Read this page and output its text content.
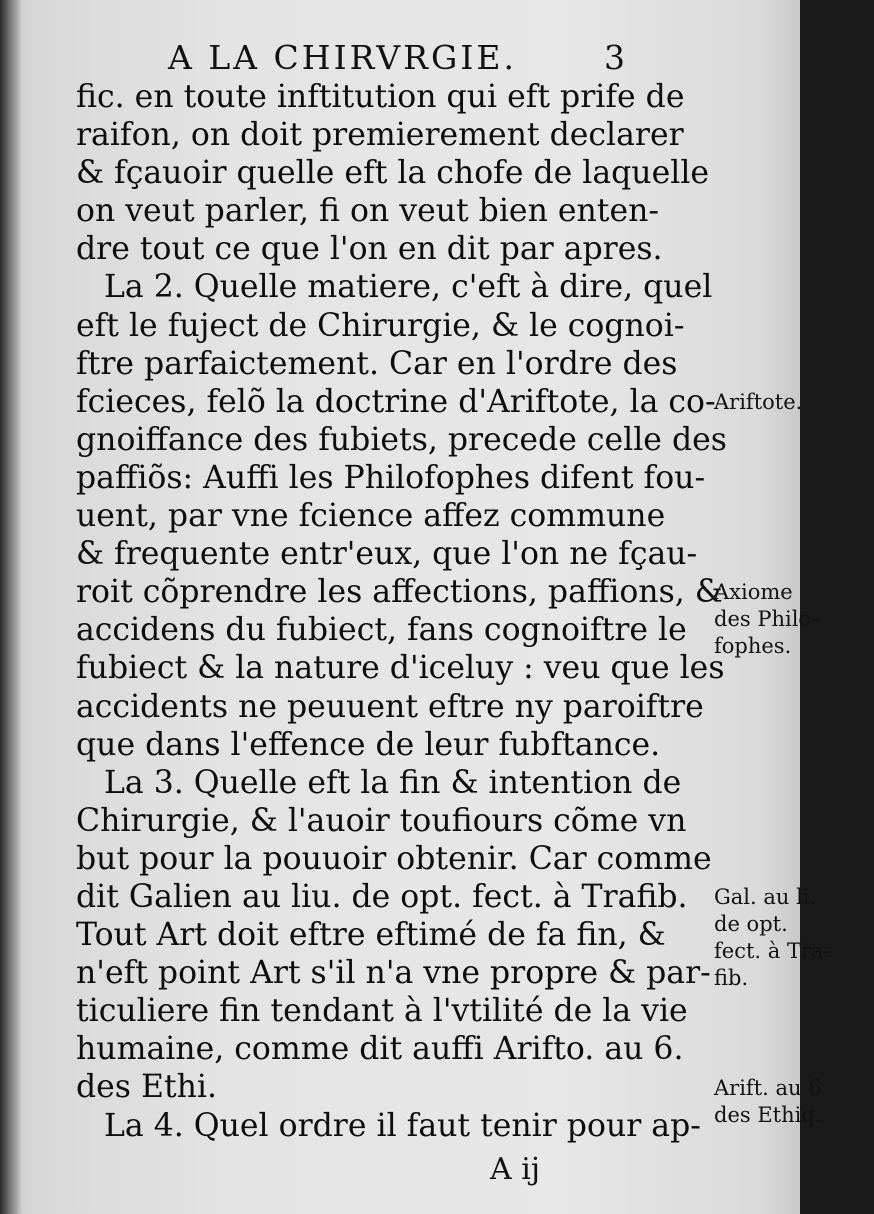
A LA CHIRVRGIE.	3
fic. en toute inftitution qui eft prife de
raifon, on doit premierement declarer
& fçauoir quelle eft la chofe de laquelle
on veut parler, fi on veut bien enten-
dre tout ce que l'on en dit par apres.
La 2. Quelle matiere, c'eft à dire, quel
eft le fuject de Chirurgie, & le cognoi-
ftre parfaictement. Car en l'ordre des
fcieces, felõ la doctrine d'Ariftote, la co-
gnoiffance des fubiets, precede celle des
paffiõs: Auffi les Philofophes difent fou-
uent, par vne fcience affez commune
& frequente entr'eux, que l'on ne fçau-
roit cõprendre les affections, paffions, &
accidens du fubiect, fans cognoiftre le
fubiect & la nature d'iceluy : veu que les
accidents ne peuuent eftre ny paroiftre
que dans l'effence de leur fubftance.
La 3. Quelle eft la fin & intention de
Chirurgie, & l'auoir toufiours cõme vn
but pour la pouuoir obtenir. Car comme
dit Galien au liu. de opt. fect. à Trafib.
Tout Art doit eftre eftimé de fa fin, &
n'eft point Art s'il n'a vne propre & par-
ticuliere fin tendant à l'vtilité de la vie
humaine, comme dit auffi Arifto. au 6.
des Ethi.
La 4. Quel ordre il faut tenir pour ap-
Ariftote.
Axiome
des Philo-
fophes.
Gal. au li.
de opt.
fect. à Tra-
fib.
Arift. au 6
des Ethiq.
A ij
